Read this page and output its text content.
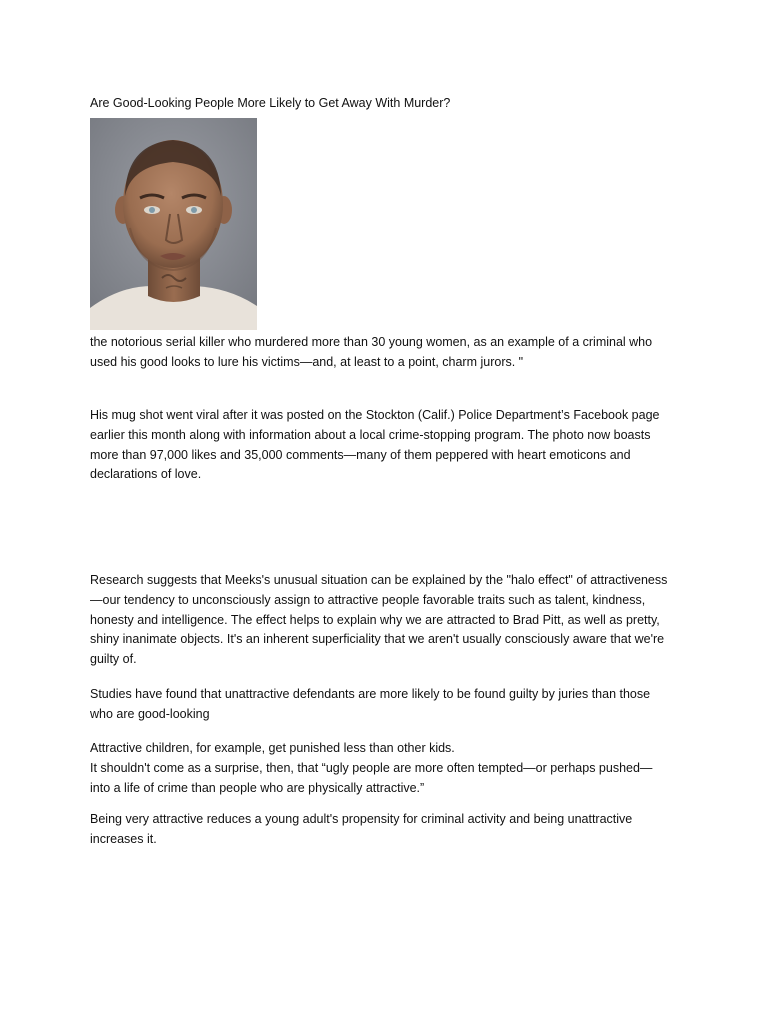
Are Good-Looking People More Likely to Get Away With Murder?

the notorious serial killer who murdered more than 30 young women, as an example of a criminal who
used his good looks to lure his victims—and, at least to a point, charm jurors. "

His mug shot went viral after it was posted on the Stockton (Calif.) Police Department’s Facebook page
earlier this month along with information about a local crime-stopping program. The photo now boasts
more than 97,000 likes and 35,000 comments—many of them peppered with heart emoticons and
declarations of love.

Research suggests that Meeks's unusual situation can be explained by the "halo effect" of attractiveness
—our tendency to unconsciously assign to attractive people favorable traits such as talent, kindness,
honesty and intelligence. The effect helps to explain why we are attracted to Brad Pitt, as well as pretty,
shiny inanimate objects. It's an inherent superficiality that we aren't usually consciously aware that we're
guilty of.

Studies have found that unattractive defendants are more likely to be found guilty by juries than those
who are good-looking

Attractive children, for example, get punished less than other kids.
It shouldn't come as a surprise, then, that “ugly people are more often tempted—or perhaps pushed—
into a life of crime than people who are physically attractive.”

Being very attractive reduces a young adult's propensity for criminal activity and being unattractive
increases it.
